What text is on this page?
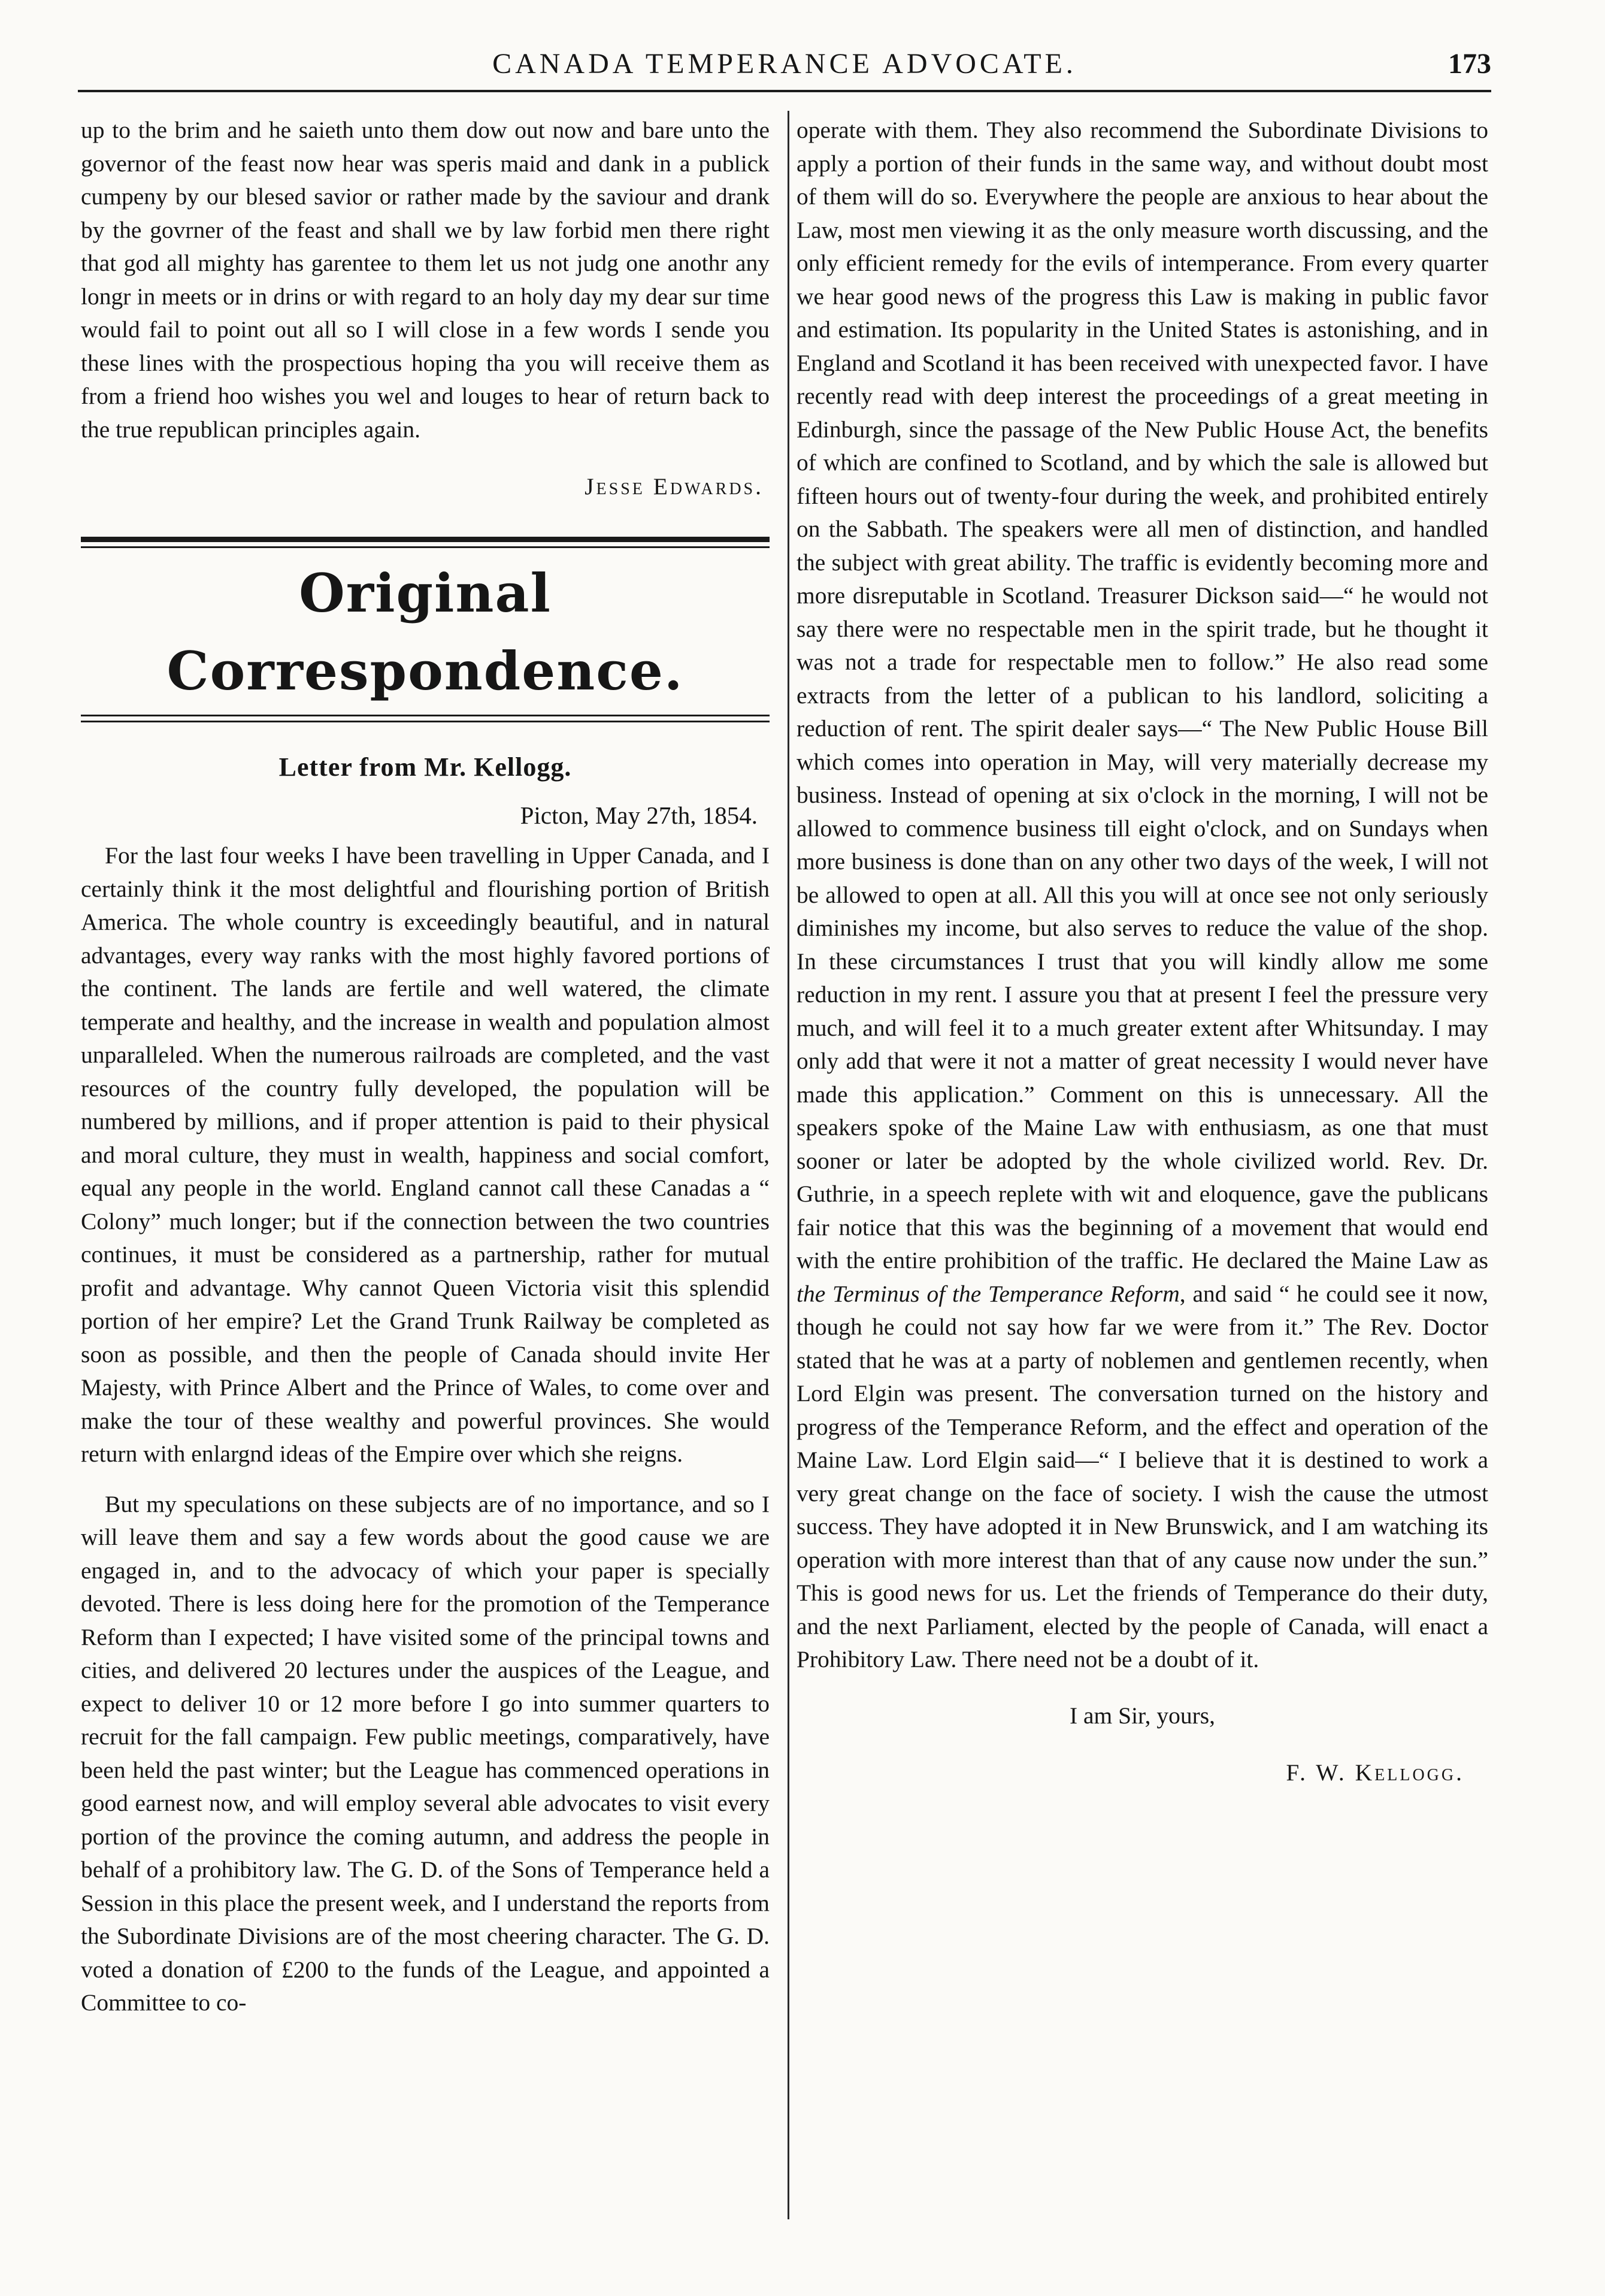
CANADA TEMPERANCE ADVOCATE.	173

up to the brim and he saieth unto them dow out now and bare unto the governor of the feast now hear was speris maid and dank in a publick cumpeny by our blesed savior or rather made by the saviour and drank by the govrner of the feast and shall we by law forbid men there right that god all mighty has garentee to them let us not judg one anothr any longr in meets or in drins or with regard to an holy day my dear sur time would fail to point out all so I will close in a few words I sende you these lines with the prospectious hoping tha you will receive them as from a friend hoo wishes you wel and louges to hear of return back to the true republican principles again.

Jesse Edwards.
Original Correspondence.
Letter from Mr. Kellogg.
Picton, May 27th, 1854.

For the last four weeks I have been travelling in Upper Canada, and I certainly think it the most delightful and flourishing portion of British America. The whole country is exceedingly beautiful, and in natural advantages, every way ranks with the most highly favored portions of the continent. The lands are fertile and well watered, the climate temperate and healthy, and the increase in wealth and population almost unparalleled. When the numerous railroads are completed, and the vast resources of the country fully developed, the population will be numbered by millions, and if proper attention is paid to their physical and moral culture, they must in wealth, happiness and social comfort, equal any people in the world. England cannot call these Canadas a “ Colony” much longer; but if the connection between the two countries continues, it must be considered as a partnership, rather for mutual profit and advantage. Why cannot Queen Victoria visit this splendid portion of her empire? Let the Grand Trunk Railway be completed as soon as possible, and then the people of Canada should invite Her Majesty, with Prince Albert and the Prince of Wales, to come over and make the tour of these wealthy and powerful provinces. She would return with enlargnd ideas of the Empire over which she reigns.

But my speculations on these subjects are of no importance, and so I will leave them and say a few words about the good cause we are engaged in, and to the advocacy of which your paper is specially devoted. There is less doing here for the promotion of the Temperance Reform than I expected; I have visited some of the principal towns and cities, and delivered 20 lectures under the auspices of the League, and expect to deliver 10 or 12 more before I go into summer quarters to recruit for the fall campaign. Few public meetings, comparatively, have been held the past winter; but the League has commenced operations in good earnest now, and will employ several able advocates to visit every portion of the province the coming autumn, and address the people in behalf of a prohibitory law. The G. D. of the Sons of Temperance held a Session in this place the present week, and I understand the reports from the Subordinate Divisions are of the most cheering character. The G. D. voted a donation of £200 to the funds of the League, and appointed a Committee to co-

operate with them. They also recommend the Subordinate Divisions to apply a portion of their funds in the same way, and without doubt most of them will do so. Everywhere the people are anxious to hear about the Law, most men viewing it as the only measure worth discussing, and the only efficient remedy for the evils of intemperance. From every quarter we hear good news of the progress this Law is making in public favor and estimation. Its popularity in the United States is astonishing, and in England and Scotland it has been received with unexpected favor. I have recently read with deep interest the proceedings of a great meeting in Edinburgh, since the passage of the New Public House Act, the benefits of which are confined to Scotland, and by which the sale is allowed but fifteen hours out of twenty-four during the week, and prohibited entirely on the Sabbath. The speakers were all men of distinction, and handled the subject with great ability. The traffic is evidently becoming more and more disreputable in Scotland. Treasurer Dickson said—“ he would not say there were no respectable men in the spirit trade, but he thought it was not a trade for respectable men to follow.” He also read some extracts from the letter of a publican to his landlord, soliciting a reduction of rent. The spirit dealer says—“ The New Public House Bill which comes into operation in May, will very materially decrease my business. Instead of opening at six o'clock in the morning, I will not be allowed to commence business till eight o'clock, and on Sundays when more business is done than on any other two days of the week, I will not be allowed to open at all. All this you will at once see not only seriously diminishes my income, but also serves to reduce the value of the shop. In these circumstances I trust that you will kindly allow me some reduction in my rent. I assure you that at present I feel the pressure very much, and will feel it to a much greater extent after Whitsunday. I may only add that were it not a matter of great necessity I would never have made this application.” Comment on this is unnecessary. All the speakers spoke of the Maine Law with enthusiasm, as one that must sooner or later be adopted by the whole civilized world. Rev. Dr. Guthrie, in a speech replete with wit and eloquence, gave the publicans fair notice that this was the beginning of a movement that would end with the entire prohibition of the traffic. He declared the Maine Law as the Terminus of the Temperance Reform, and said “ he could see it now, though he could not say how far we were from it.” The Rev. Doctor stated that he was at a party of noblemen and gentlemen recently, when Lord Elgin was present. The conversation turned on the history and progress of the Temperance Reform, and the effect and operation of the Maine Law. Lord Elgin said—“ I believe that it is destined to work a very great change on the face of society. I wish the cause the utmost success. They have adopted it in New Brunswick, and I am watching its operation with more interest than that of any cause now under the sun.” This is good news for us. Let the friends of Temperance do their duty, and the next Parliament, elected by the people of Canada, will enact a Prohibitory Law. There need not be a doubt of it.

I am Sir, yours,
F. W. Kellogg.
